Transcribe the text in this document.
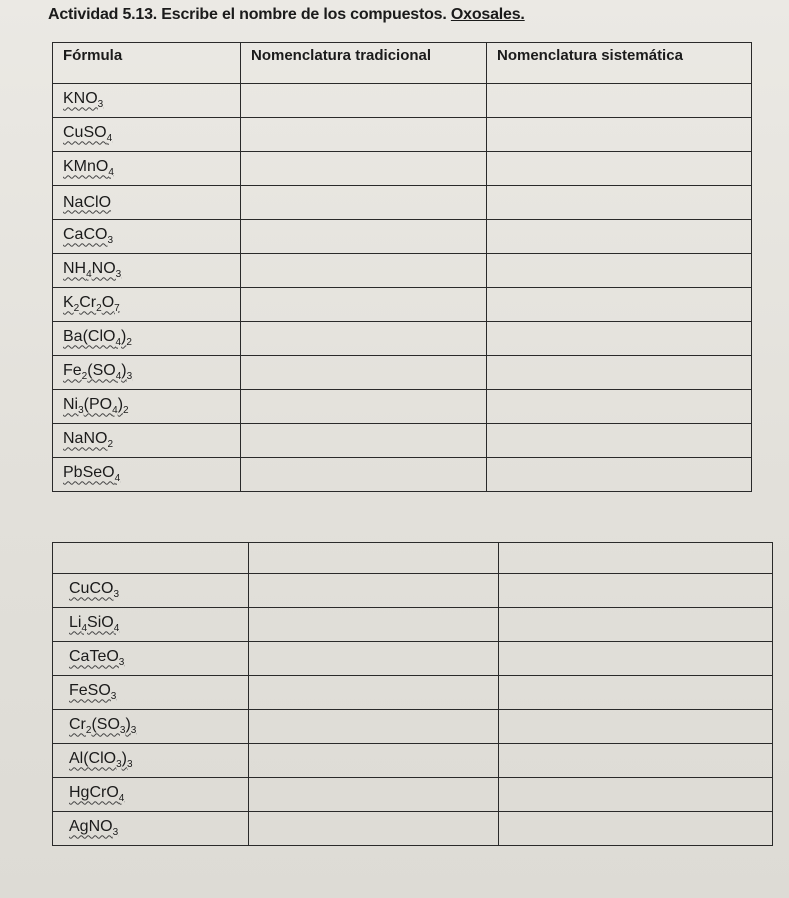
Actividad 5.13. Escribe el nombre de los compuestos. Oxosales.
Fórmula	Nomenclatura tradicional	Nomenclatura sistemática
$KNO_3$		
CuSO$_4$		
KMnO$_4$		
NaClO		
CaCO$_3$		
$NH_4NO_3$		
$K_2Cr_2O_7$		
$Ba(ClO_4)_2$		
$Fe_2(SO_4)_3$		
$Ni_3(PO_4)_2$		
NaNO$_2$		
PbSeO$_4$		

CuCO$_3$		
$Li_4SiO_4$		
CaTeO$_3$		
FeSO$_3$		
$Cr_2(SO_3)_3$		
$Al(ClO_3)_3$		
HgCrO$_4$		
AgNO$_3$		
